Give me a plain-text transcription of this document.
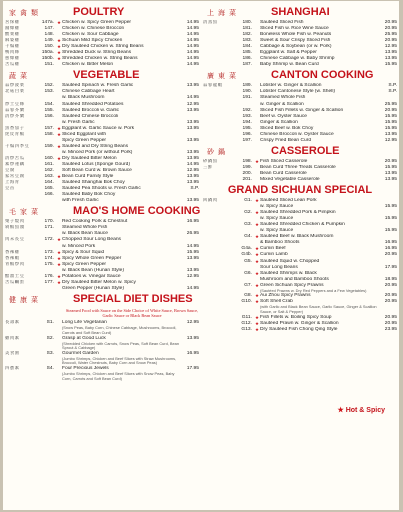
家禽類	POULTRY
宮保雞	147a. ★ Chicken w. Spicy Green Pepper	14.95
醬爆雞	147.	Chicken w. Chinese Broccoli	14.95
酸菜雞	148.	Chicken w. Sour Cabbage	14.95
麻婆雞	149. ★ Sichuan Mild Spicy Chicken	14.95
干煸雞	150. ★ Dry Sautéed Chicken w. String Beans	14.95
鴨肉絲	150a. ★ Shredded Duck w. String Beans	14.95
蔥爆雞	150b. ★ Shredded Chicken w. String Beans	14.95
苦瓜雞	151.	Chicken w. Bitter Melon	14.95
蔬菜	VEGETABLE
蒜炒菠菜	152.	Sautéed Spinach w. Fresh Garlic	13.95
北菇白菜	153.	Chinese Cabbage Heart
w. Black Mushroom	14.95
炒土豆絲	154.	Sautéed Shredded Potatoes	12.95
蒜蓉芥蘭	155.	Sautéed Broccoli w. Garlic	13.95
清炒芥蘭	156.	Sautéed Chinese Broccoli
w. Fresh Garlic	13.95
魚香茄子	157. ★ Eggplant w. Garlic Sauce w. Pork	13.95
虎皮青椒	158. ★ Sliced Eggplant with
Spicy Green Pepper	13.95
干煸四季豆	159. ★ Sautéed and Dry String Beans
w. Minced Pork (or without Pork)	13.95
清炒苦瓜	160. ★ Dry Sautéed Bitter Melon	13.95
素炒蓮藕	161.	Sautéed Lotus (Sponge Gourd)	14.95
豆腐	162.	Soft Bean Curd w. Brown Sauce	12.95
家常豆腐	163. ★ Bean Curd Family Style	13.95
上海青	164.	Sautéed Shanghai Bok Choy	13.95
豆苗	165.	Sautéed Pea Shoots w. Fresh Garlic	S.P.
166.	Sautéed Baby Bok Choy
with Fresh Garlic	13.95
毛家菜	MAO'S HOME COOKING
栗子燒肉	170.	Red Cooking Pork & Chestnut	16.95
剁椒魚頭	171.	Steamed Whole Fish
w. Black Bean Sauce	26.95
肉末長豆	172. ★ Chopped Sour Long Beans
w. Minced Pork	14.95
香辣雞	173. ★ Spicy & Sour Squid	15.95
香辣蝦	174. ★ Spicy Whole Green Pepper	13.95
青椒炒肉	175. ★ Spicy Green Pepper
w. Black Bean (Hunan Style)	13.95
醋溜土豆	176. ★ Potatoes w. Vinegar Sauce	12.95
苦瓜鹹蛋	177. ★ Dry Sautéed Bitter Melon w. Spicy
Green Pepper (Hunan Style)	14.95
健康菜	SPECIAL DIET DISHES
Steamed Food with Sauce on the Side Choice of White Sauce, Brown Sauce, Garlic Sauce or Black Bean Sauce
長壽素	S1.	Long Life Vegetarian
(Snow Peas, Baby Corn, Chinese Cabbage, Mushrooms, Broccoli, Carrots and Soft Bean Curd)
12.95
雞肉素	S2.	Grasp at Good Luck
(Shredded Chicken with Carrots, Snow Peas, Soft Bean Curd, Bean Sprout & Cabbage)
13.95
美食園	S3.	Gourmet Garden
(Jumbo Shrimps, Chicken and Beef Slices with Straw Mushrooms, Broccoli, Water Chestnuts, Baby Corn and Snow Peas)
16.95
四寶素	S4.	Four Precious Jewels
(Jumbo Shrimps, Chicken and Beef Slices with Snow Peas, Baby Corn, Carrots and Soft Bean Curd)
17.95
上海菜	SHANGHAI
清蒸魚	180.	Sautéed Sliced Fish	20.95
181.	Sliced Fish w. Rice Wine Sauce	20.95
182.	Boneless Whole Fish w. Peanuts	25.95
183.	Sweet & Sour Crispy Sliced Fish	20.95
184.	Cabbage & Soybean (or w. Pork)	12.95
185.	Eggplant w. Salt & Pepper	13.95
186.	Chinese Cabbage w. Baby Shrimp	13.95
187.	Baby Shrimp w. Bean Curd	15.95
廣東菜	CANTON COOKING
蒜蓉龍蝦	189.	Lobster w. Ginger & Scallion	S.P.
190.	Lobster Cantonese Style (w. Shell)	S.P.
191.	Steamed Whole Fish
w. Ginger & Scallion	25.95
192.	Sliced Fish Fillets w. Ginger & Scallion	20.95
193.	Beef w. Oyster Sauce	15.95
194.	Ginger & Scallion	15.95
195.	Sliced Beef w. Bok Choy	15.95
196.	Chinese Broccoli w. Oyster Sauce	13.95
197.	Crispy Fried Bean Curd	12.95
砂鍋	CASSEROLE
砂鍋魚	198. ★ Fish Sliced Casserole	20.95
三鮮	199.	Bean Curd Three Treats Casserole	15.95
200.	Bean Curd Casserole	13.95
201.	Mixed Vegetable Casserole	13.95
GRAND SICHUAN SPECIAL
回鍋肉	G1. ★ Sautéed Sliced Lean Pork
w. Spicy Sauce	15.95
G2. ★ Sautéed Shredded Pork & Pimpkin
w. Spicy Sauce	15.95
G3. ★ Sautéed Shredded Chicken & Pumpkin
w. Spicy Sauce	15.95
G4. ★ Sautéed Beef w. Black Mushroom
& Bamboo Shoots	16.95
G4a. ★ Cumin Beef	16.95
G4b. ★ Cumin Lamb	20.95
G5. ★ Sautéed Squid w. Chopped
Sour Long Beans	17.95
G6. ★ Sautéed Shrimps w. Black
Mushroom and Bamboo Shoots	18.95
G7. ★ Green Sichuan Spicy Prawns
(Sautéed Prawns w. Dry Red Peppers and a Few Vegetables)
20.95
G8. ★ Aui Zhou Spicy Prawns	20.95
G10. ★ Soft Shell Crab
(with Garlic and Black Bean Sauce, Garlic Sauce, Ginger & Scallion Sauce, or Salt & Pepper)
20.95
G11. ★ Fish Fillets w. Boiling Spicy Soup	20.95
G12. ★ Sautéed Prawn w. Ginger & Scallion	20.95
G13. ★ Dry Sautéed Fish Chong Qing Style	23.95
★ Hot & Spicy
